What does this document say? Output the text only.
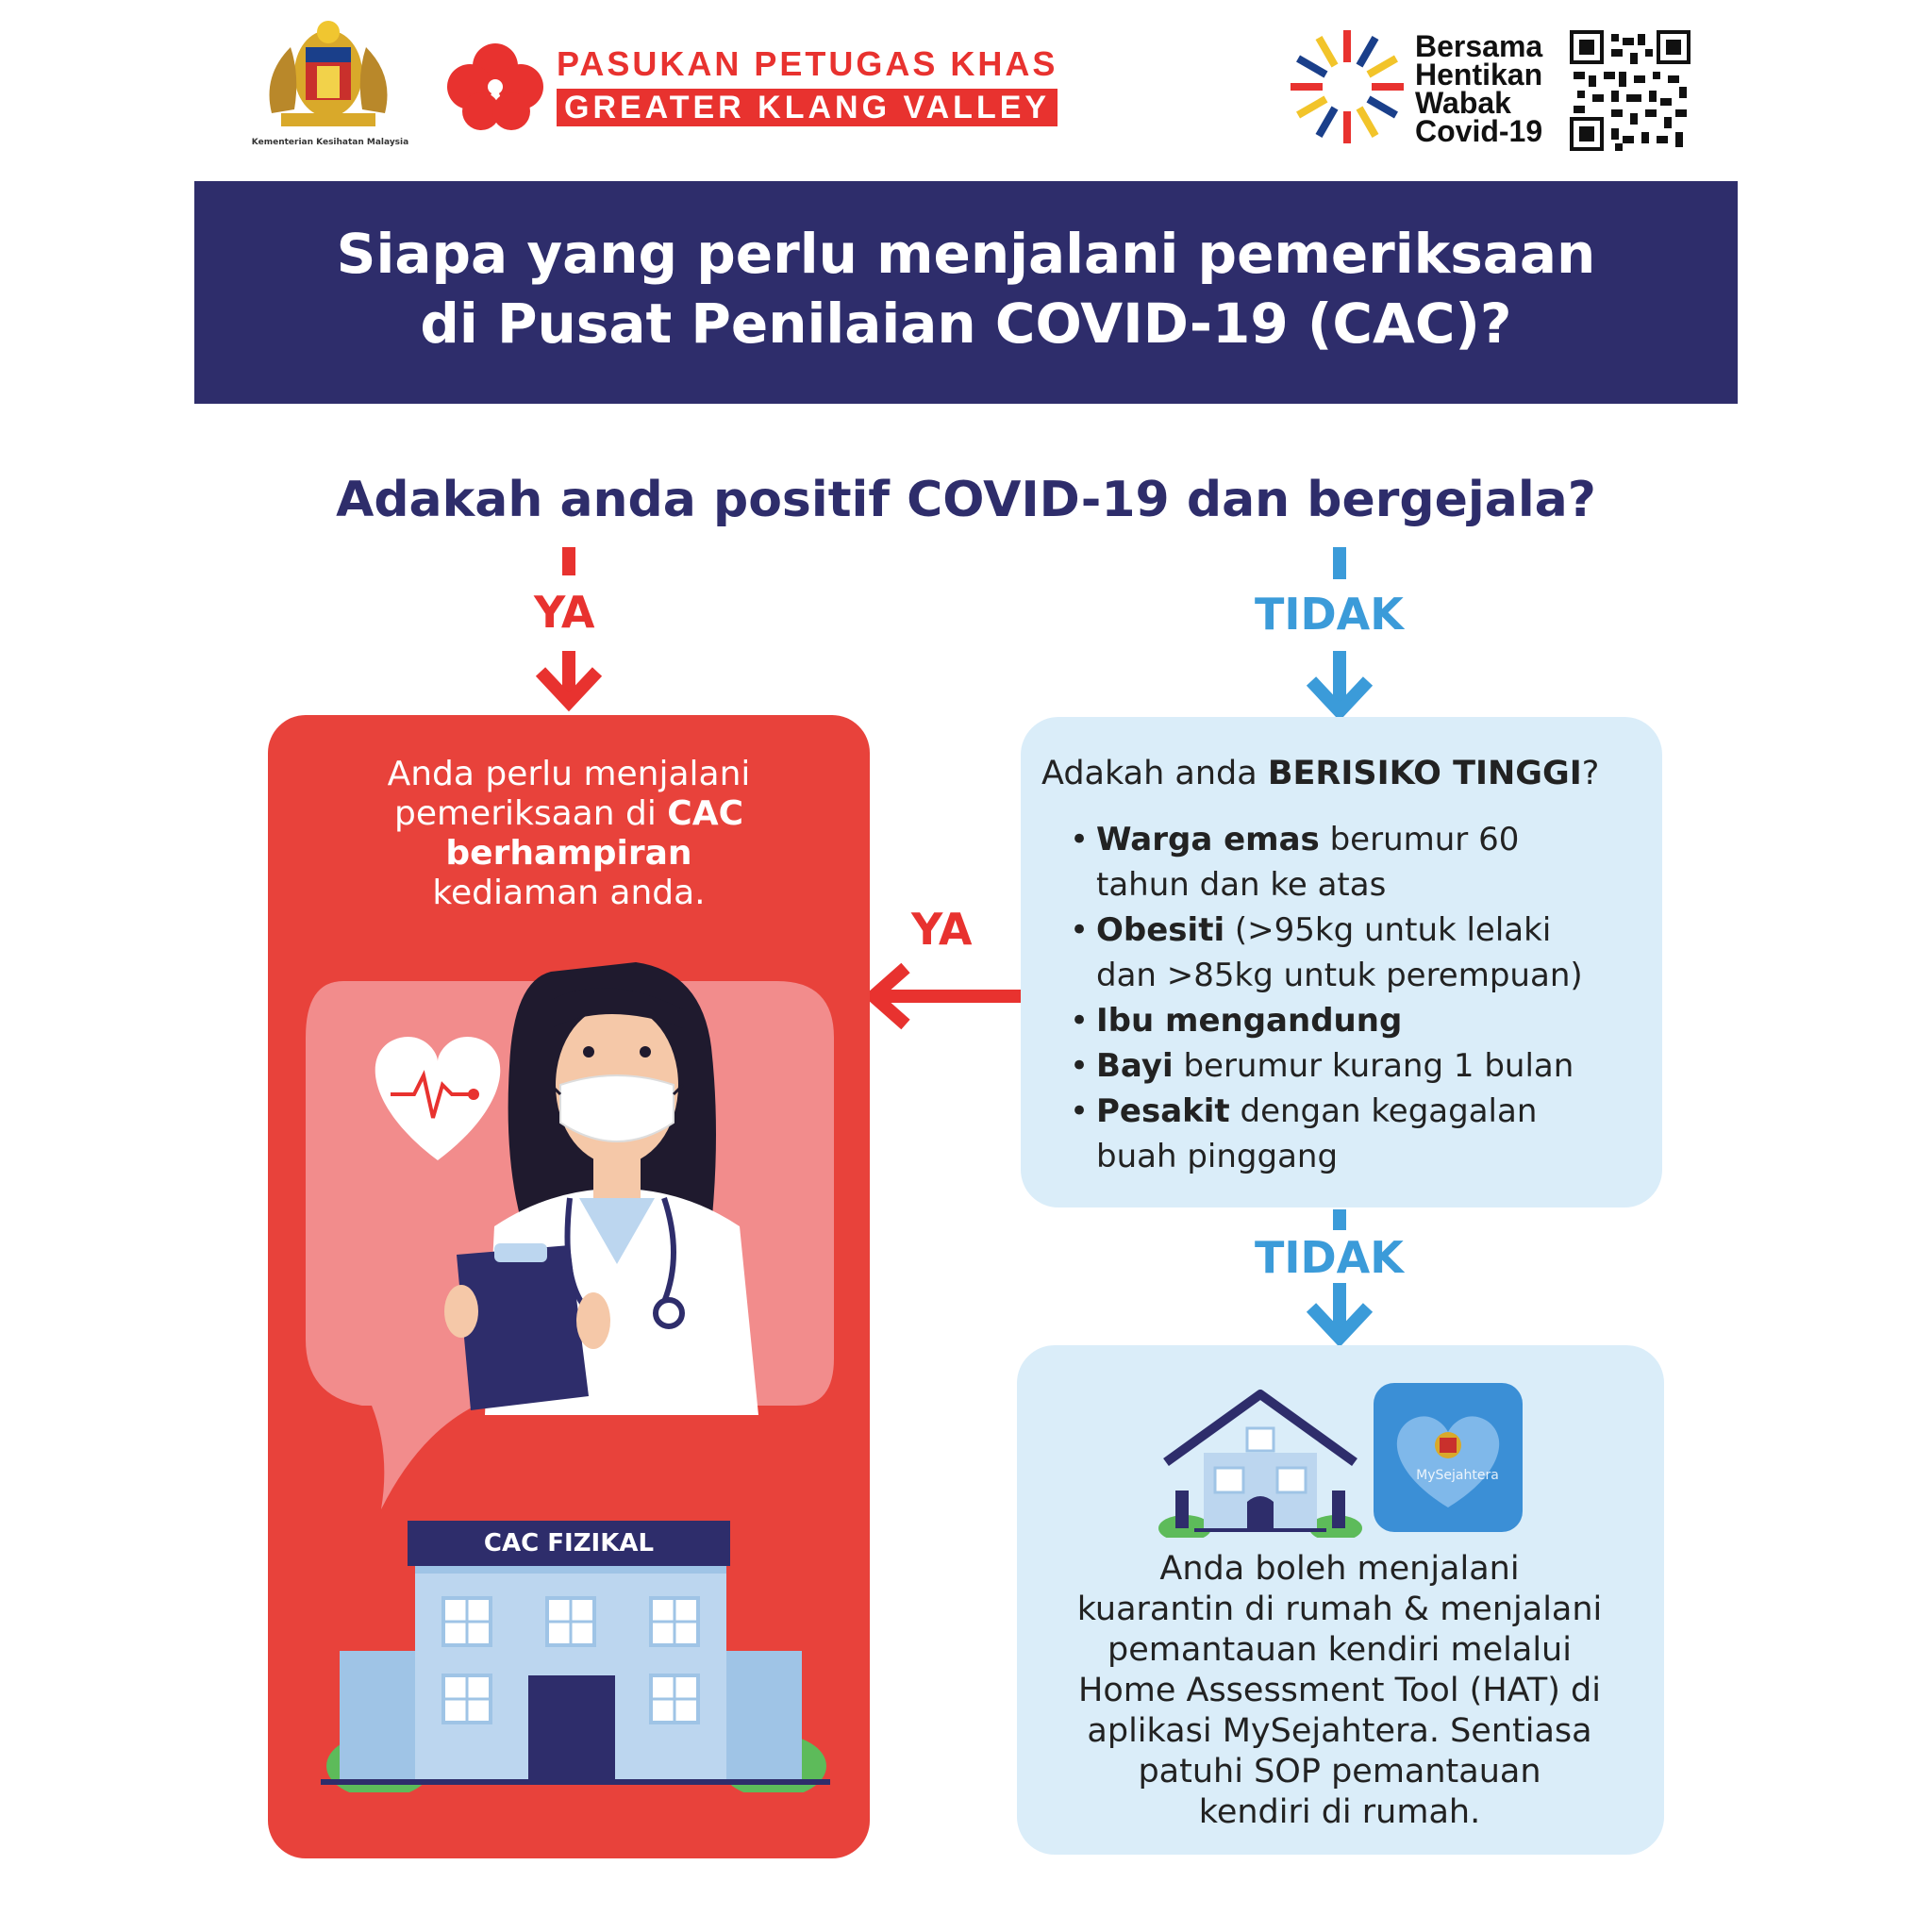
Kementerian Kesihatan Malaysia
PASUKAN PETUGAS KHAS
GREATER KLANG VALLEY
Bersama
Hentikan
Wabak
Covid-19
Siapa yang perlu menjalani pemeriksaan
di Pusat Penilaian COVID-19 (CAC)?
Adakah anda positif COVID-19 dan bergejala?
YA	TIDAK
YA
TIDAK
Anda perlu menjalani
pemeriksaan di CAC
berhampiran
kediaman anda.
CAC FIZIKAL
Adakah anda BERISIKO TINGGI?
• Warga emas berumur 60
tahun dan ke atas
• Obesiti (>95kg untuk lelaki
dan >85kg untuk perempuan)
• Ibu mengandung
• Bayi berumur kurang 1 bulan
• Pesakit dengan kegagalan
buah pinggang
MySejahtera
Anda boleh menjalani
kuarantin di rumah & menjalani
pemantauan kendiri melalui
Home Assessment Tool (HAT) di
aplikasi MySejahtera. Sentiasa
patuhi SOP pemantauan
kendiri di rumah.
